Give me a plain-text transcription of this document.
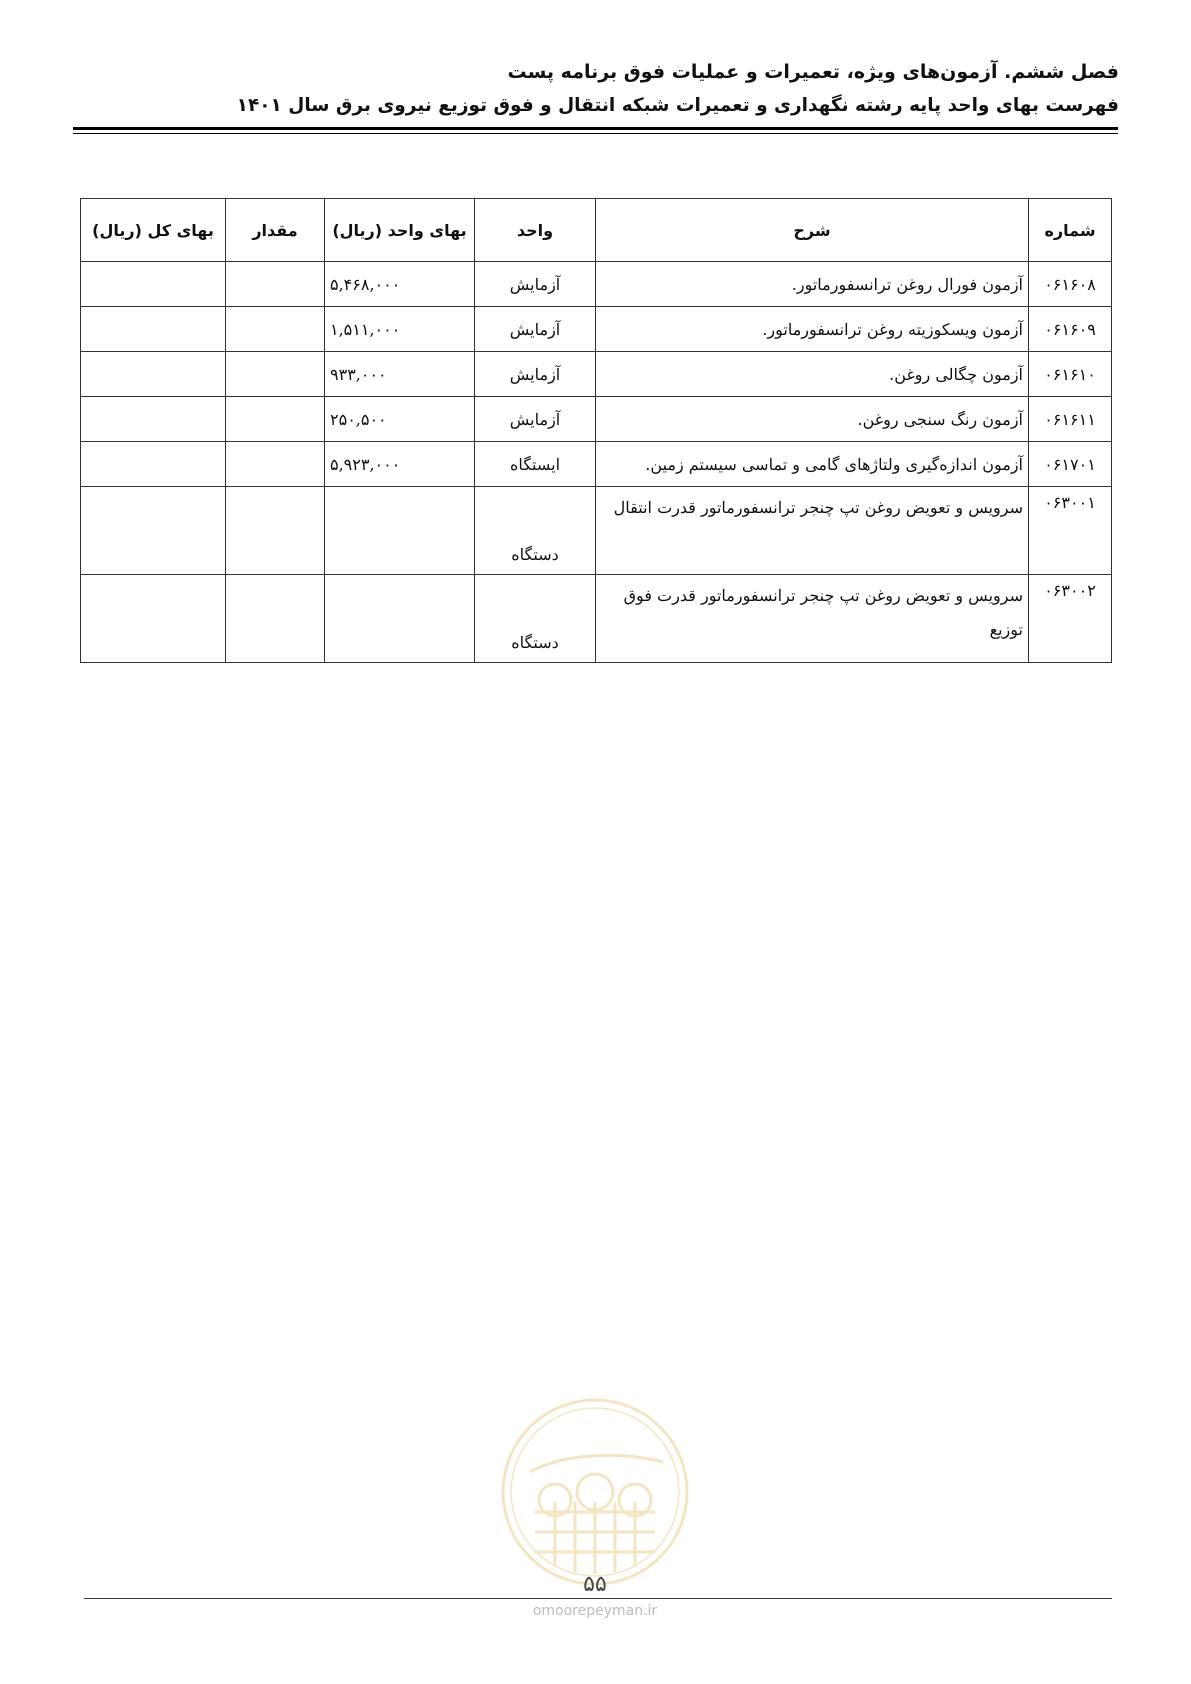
فصل ششم. آزمون‌های ویژه، تعمیرات و عملیات فوق برنامه پست
فهرست بهای واحد پایه رشته نگهداری و تعمیرات شبکه انتقال و فوق توزیع نیروی برق سال ۱۴۰۱
شماره	شرح	واحد	بهای واحد (ریال)	مقدار	بهای کل (ریال)
۰۶۱۶۰۸	آزمون فورال روغن ترانسفورماتور.	آزمایش	۵,۴۶۸,۰۰۰		
۰۶۱۶۰۹	آزمون ویسکوزیته روغن ترانسفورماتور.	آزمایش	۱,۵۱۱,۰۰۰		
۰۶۱۶۱۰	آزمون چگالی روغن.	آزمایش	۹۳۳,۰۰۰		
۰۶۱۶۱۱	آزمون رنگ سنجی روغن.	آزمایش	۲۵۰,۵۰۰		
۰۶۱۷۰۱	آزمون اندازه‌گیری ولتاژهای گامی و تماسی سیستم زمین.	ایستگاه	۵,۹۲۳,۰۰۰		
۰۶۳۰۰۱	سرویس و تعویض روغن تپ چنجر ترانسفورماتور قدرت انتقال	دستگاه			
۰۶۳۰۰۲	سرویس و تعویض روغن تپ چنجر ترانسفورماتور قدرت فوق توزیع	دستگاه			
۵۵
omoorepeyman.ir
